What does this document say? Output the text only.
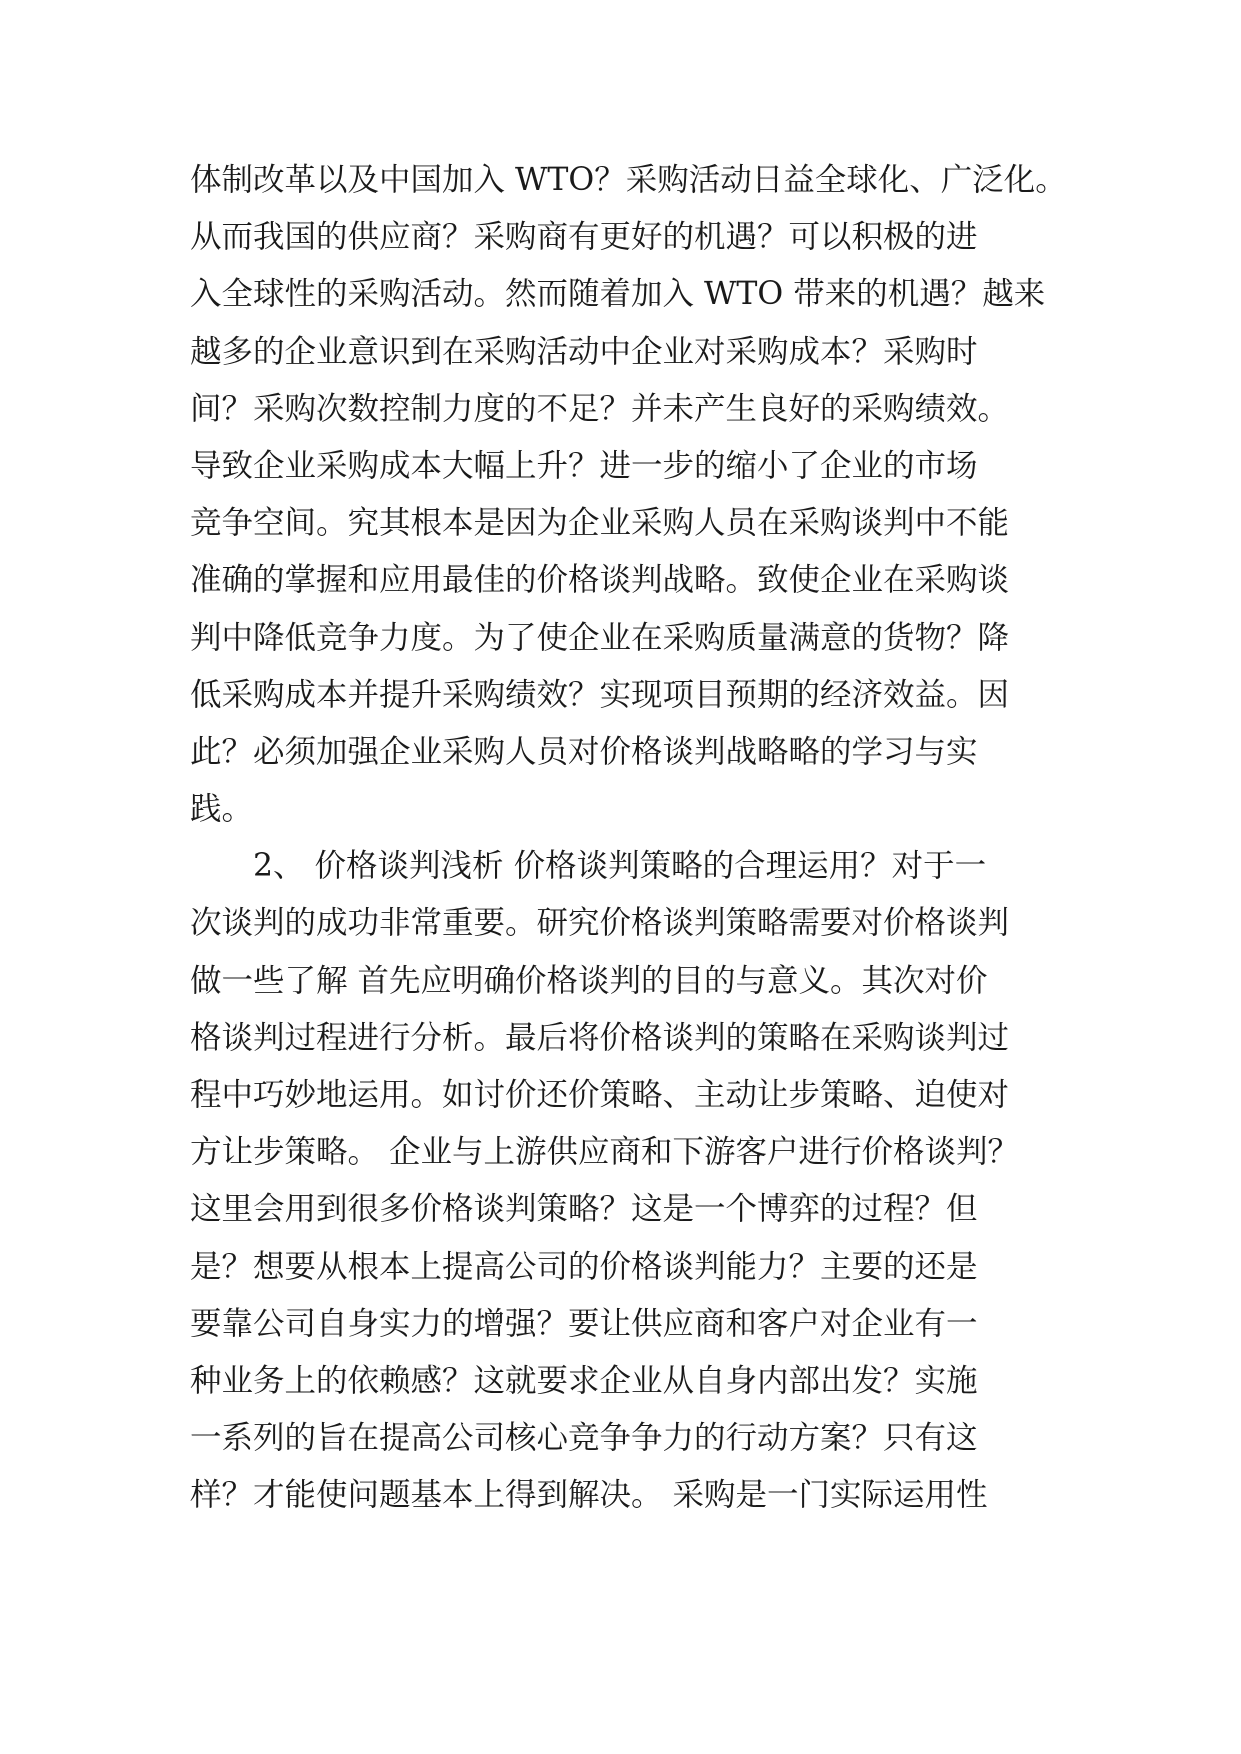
体制改革以及中国加入 WTO？采购活动日益全球化、广泛化。
从而我国的供应商？采购商有更好的机遇？可以积极的进
入全球性的采购活动。然而随着加入 WTO 带来的机遇？越来
越多的企业意识到在采购活动中企业对采购成本？采购时
间？采购次数控制力度的不足？并未产生良好的采购绩效。
导致企业采购成本大幅上升？进一步的缩小了企业的市场
竞争空间。究其根本是因为企业采购人员在采购谈判中不能
准确的掌握和应用最佳的价格谈判战略。致使企业在采购谈
判中降低竞争力度。为了使企业在采购质量满意的货物？降
低采购成本并提升采购绩效？实现项目预期的经济效益。因
此？必须加强企业采购人员对价格谈判战略略的学习与实
践。
　　2、 价格谈判浅析 价格谈判策略的合理运用？对于一
次谈判的成功非常重要。研究价格谈判策略需要对价格谈判
做一些了解 首先应明确价格谈判的目的与意义。其次对价
格谈判过程进行分析。最后将价格谈判的策略在采购谈判过
程中巧妙地运用。如讨价还价策略、主动让步策略、迫使对
方让步策略。 企业与上游供应商和下游客户进行价格谈判？
这里会用到很多价格谈判策略？这是一个博弈的过程？但
是？想要从根本上提高公司的价格谈判能力？主要的还是
要靠公司自身实力的增强？要让供应商和客户对企业有一
种业务上的依赖感？这就要求企业从自身内部出发？实施
一系列的旨在提高公司核心竞争争力的行动方案？只有这
样？才能使问题基本上得到解决。 采购是一门实际运用性
